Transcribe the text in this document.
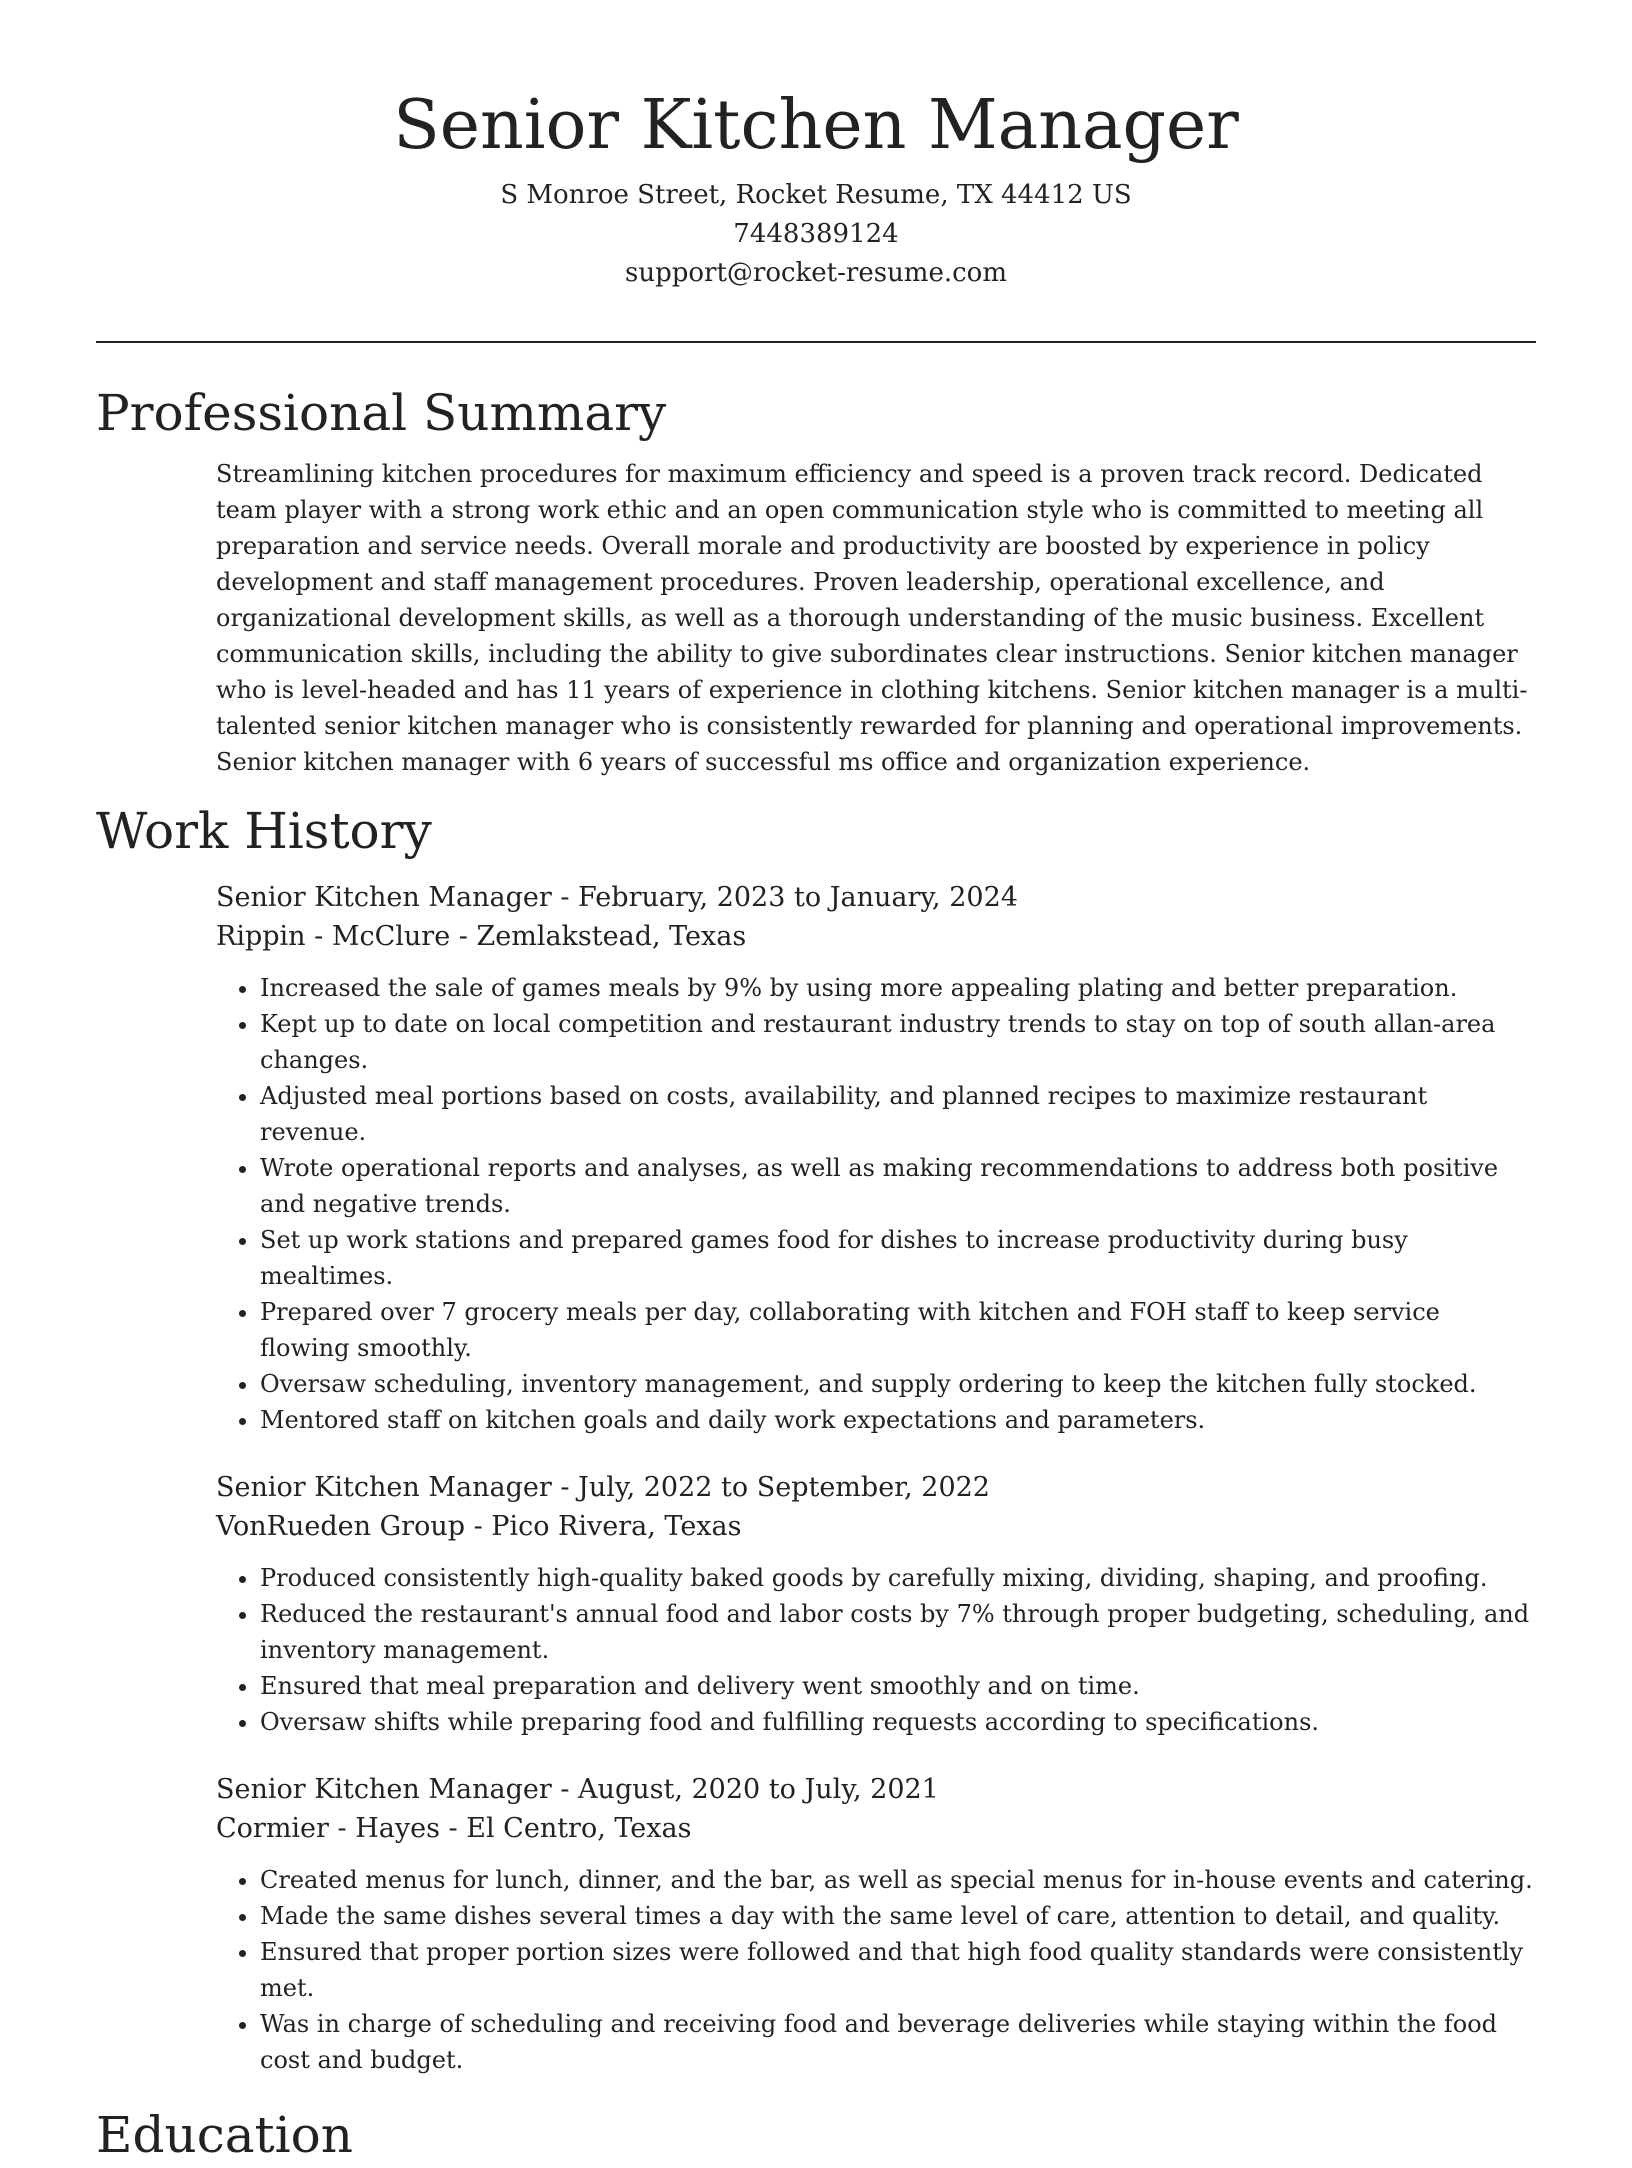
Senior Kitchen Manager
S Monroe Street, Rocket Resume, TX 44412 US
7448389124
support@rocket-resume.com
Professional Summary

Streamlining kitchen procedures for maximum efficiency and speed is a proven track record. Dedicated team player with a strong work ethic and an open communication style who is committed to meeting all preparation and service needs. Overall morale and productivity are boosted by experience in policy development and staff management procedures. Proven leadership, operational excellence, and organizational development skills, as well as a thorough understanding of the music business. Excellent communication skills, including the ability to give subordinates clear instructions. Senior kitchen manager who is level-headed and has 11 years of experience in clothing kitchens. Senior kitchen manager is a multi-talented senior kitchen manager who is consistently rewarded for planning and operational improvements. Senior kitchen manager with 6 years of successful ms office and organization experience.

Work History
Senior Kitchen Manager - February, 2023 to January, 2024
Rippin - McClure - Zemlakstead, Texas
• Increased the sale of games meals by 9% by using more appealing plating and better preparation.
• Kept up to date on local competition and restaurant industry trends to stay on top of south allan-area changes.
• Adjusted meal portions based on costs, availability, and planned recipes to maximize restaurant revenue.
• Wrote operational reports and analyses, as well as making recommendations to address both positive and negative trends.
• Set up work stations and prepared games food for dishes to increase productivity during busy mealtimes.
• Prepared over 7 grocery meals per day, collaborating with kitchen and FOH staff to keep service flowing smoothly.
• Oversaw scheduling, inventory management, and supply ordering to keep the kitchen fully stocked.
• Mentored staff on kitchen goals and daily work expectations and parameters.
Senior Kitchen Manager - July, 2022 to September, 2022
VonRueden Group - Pico Rivera, Texas
• Produced consistently high-quality baked goods by carefully mixing, dividing, shaping, and proofing.
• Reduced the restaurant's annual food and labor costs by 7% through proper budgeting, scheduling, and inventory management.
• Ensured that meal preparation and delivery went smoothly and on time.
• Oversaw shifts while preparing food and fulfilling requests according to specifications.
Senior Kitchen Manager - August, 2020 to July, 2021
Cormier - Hayes - El Centro, Texas
• Created menus for lunch, dinner, and the bar, as well as special menus for in-house events and catering.
• Made the same dishes several times a day with the same level of care, attention to detail, and quality.
• Ensured that proper portion sizes were followed and that high food quality standards were consistently met.
• Was in charge of scheduling and receiving food and beverage deliveries while staying within the food cost and budget.
Education
